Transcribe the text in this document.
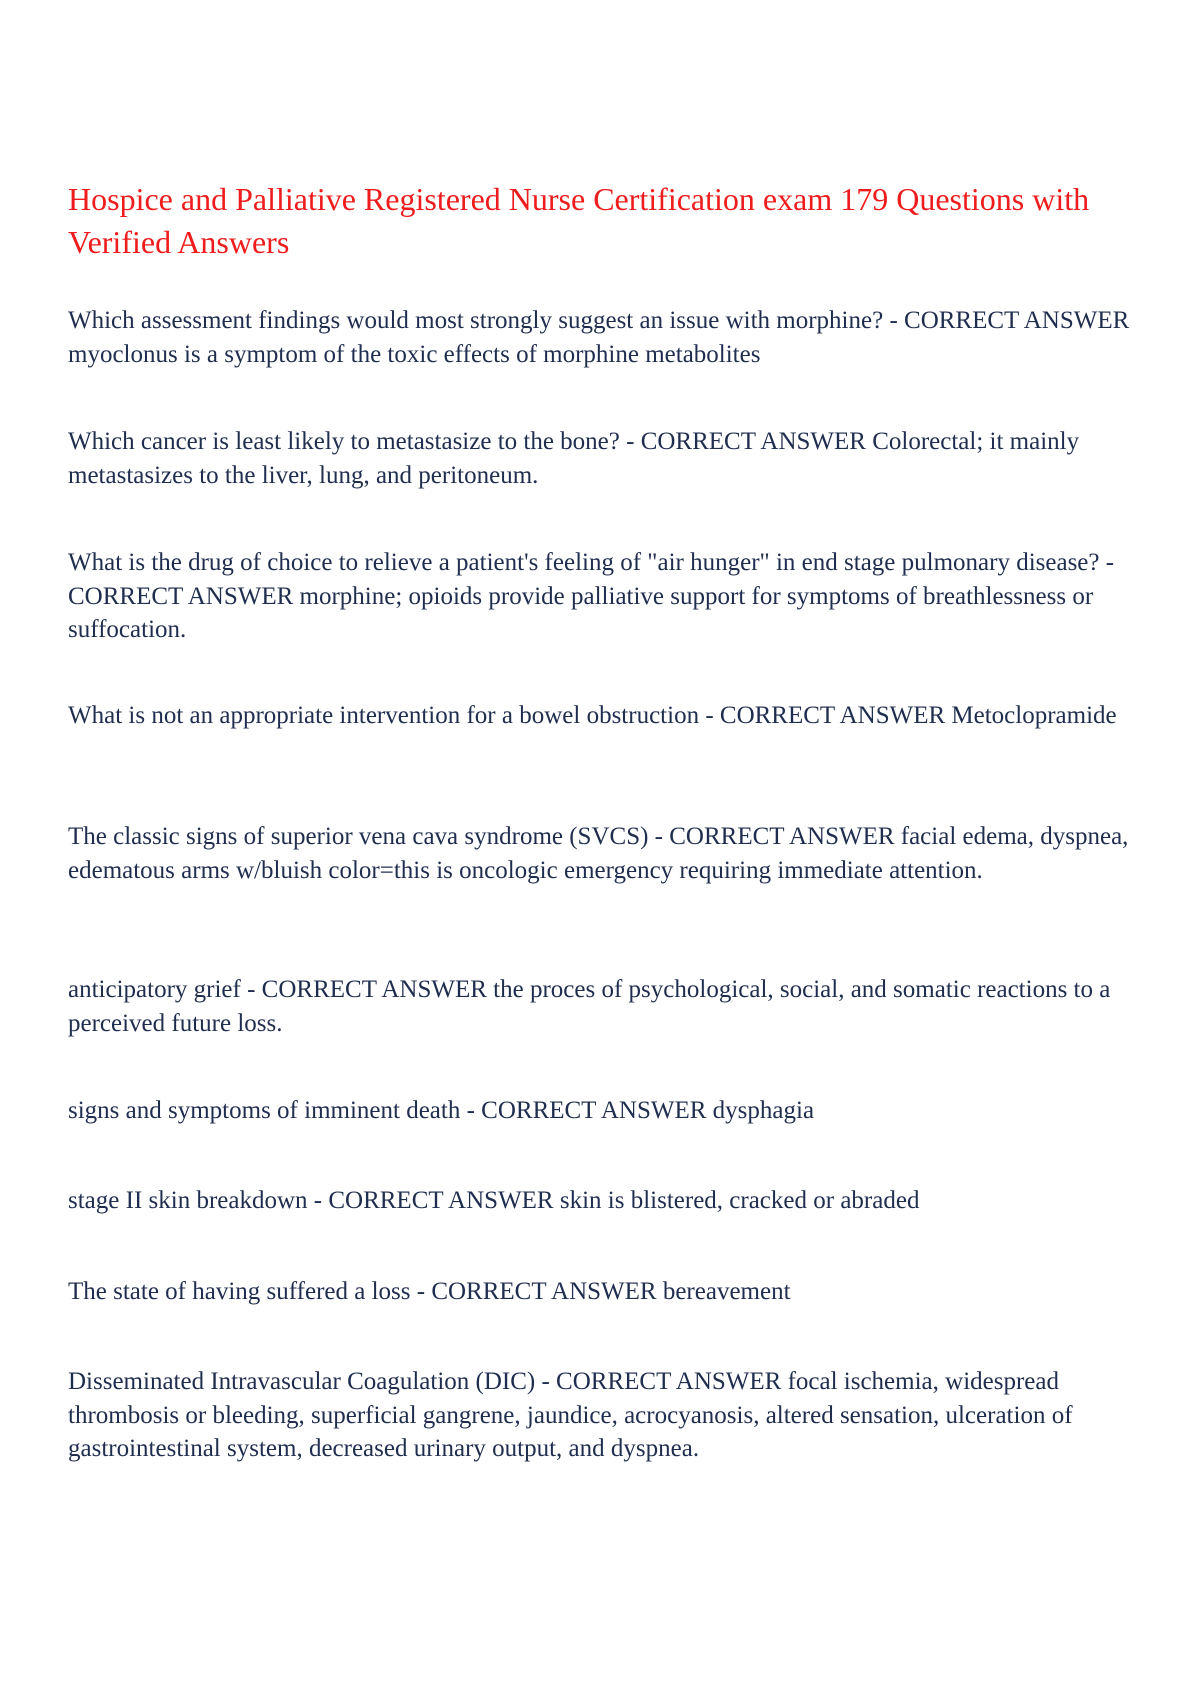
Hospice and Palliative Registered Nurse Certification exam 179 Questions with Verified Answers

Which assessment findings would most strongly suggest an issue with morphine? - CORRECT ANSWER myoclonus is a symptom of the toxic effects of morphine metabolites

Which cancer is least likely to metastasize to the bone? - CORRECT ANSWER Colorectal; it mainly metastasizes to the liver, lung, and peritoneum.

What is the drug of choice to relieve a patient's feeling of "air hunger" in end stage pulmonary disease? - CORRECT ANSWER morphine; opioids provide palliative support for symptoms of breathlessness or suffocation.

What is not an appropriate intervention for a bowel obstruction - CORRECT ANSWER Metoclopramide

The classic signs of superior vena cava syndrome (SVCS) - CORRECT ANSWER facial edema, dyspnea, edematous arms w/bluish color=this is oncologic emergency requiring immediate attention.

anticipatory grief - CORRECT ANSWER the proces of psychological, social, and somatic reactions to a perceived future loss.

signs and symptoms of imminent death - CORRECT ANSWER dysphagia

stage II skin breakdown - CORRECT ANSWER skin is blistered, cracked or abraded

The state of having suffered a loss - CORRECT ANSWER bereavement

Disseminated Intravascular Coagulation (DIC) - CORRECT ANSWER focal ischemia, widespread thrombosis or bleeding, superficial gangrene, jaundice, acrocyanosis, altered sensation, ulceration of gastrointestinal system, decreased urinary output, and dyspnea.
